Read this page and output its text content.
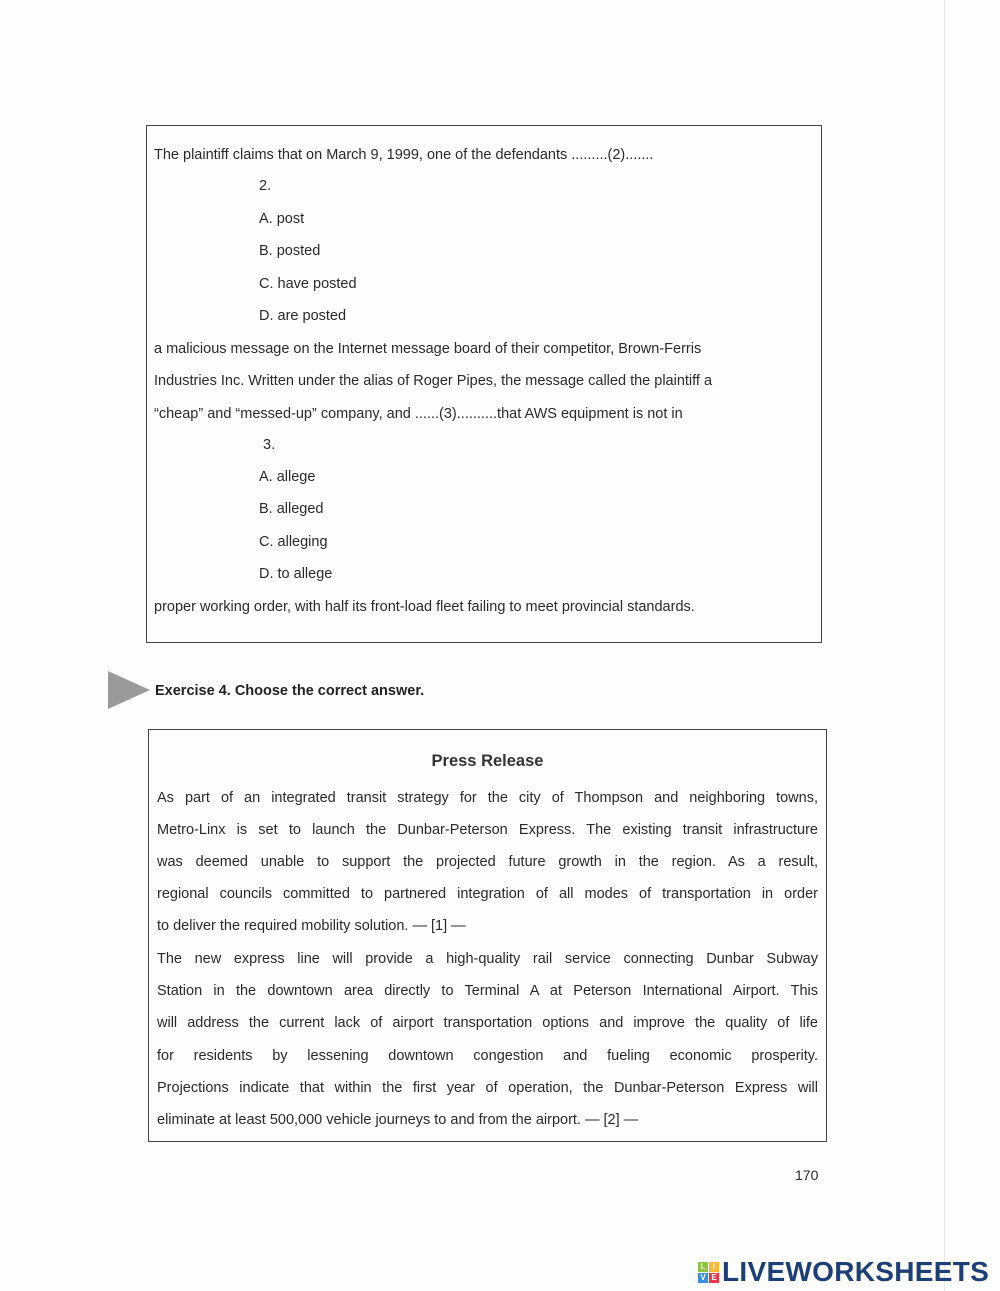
The plaintiff claims that on March 9, 1999, one of the defendants .........(2).......
2.
A. post
B. posted
C. have posted
D. are posted
a malicious message on the Internet message board of their competitor, Brown-Ferris
Industries Inc. Written under the alias of Roger Pipes, the message called the plaintiff a
“cheap” and “messed-up” company, and ......(3)..........that AWS equipment is not in
3.
A. allege
B. alleged
C. alleging
D. to allege
proper working order, with half its front-load fleet failing to meet provincial standards.
Exercise 4. Choose the correct answer.
Press Release
As part of an integrated transit strategy for the city of Thompson and neighboring towns,
Metro-Linx is set to launch the Dunbar-Peterson Express. The existing transit infrastructure
was deemed unable to support the projected future growth in the region. As a result,
regional councils committed to partnered integration of all modes of transportation in order
to deliver the required mobility solution. — [1] —
The new express line will provide a high-quality rail service connecting Dunbar Subway
Station in the downtown area directly to Terminal A at Peterson International Airport. This
will address the current lack of airport transportation options and improve the quality of life
for residents by lessening downtown congestion and fueling economic prosperity.
Projections indicate that within the first year of operation, the Dunbar-Peterson Express will
eliminate at least 500,000 vehicle journeys to and from the airport. — [2] —
170
L I
V E LIVEWORKSHEETS
